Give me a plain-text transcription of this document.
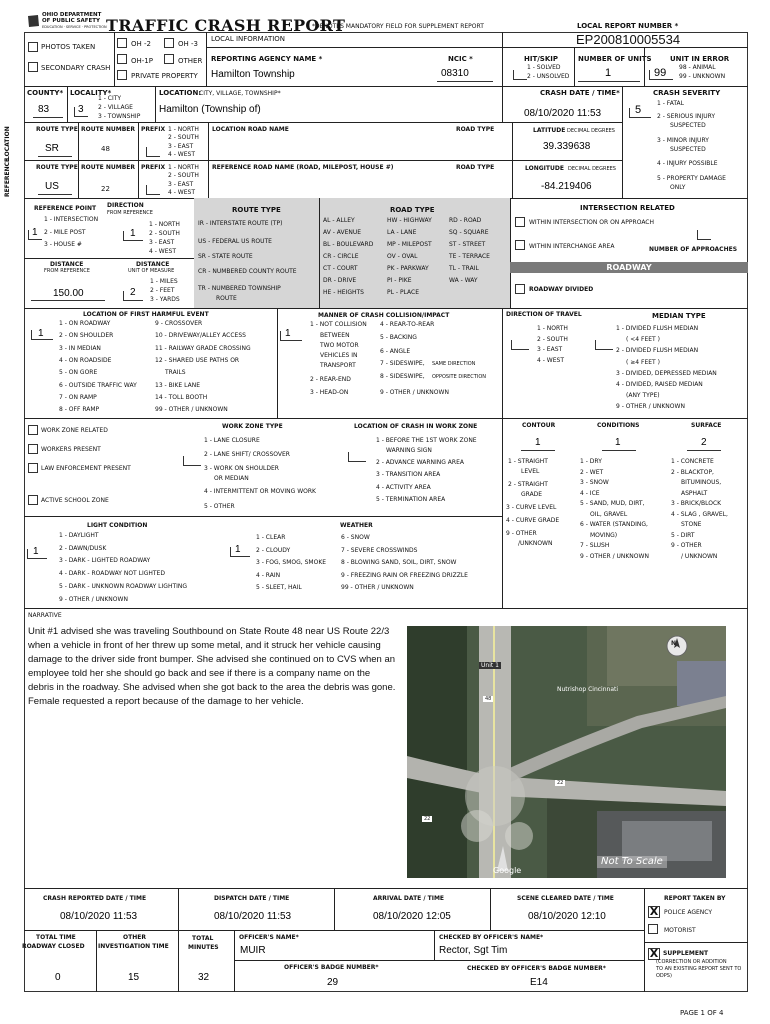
OHIO DEPARTMENT
OF PUBLIC SAFETY
EDUCATION · SERVICE · PROTECTION TRAFFIC CRASH REPORT
*DENOTES MANDATORY FIELD FOR SUPPLEMENT REPORT	LOCAL REPORT NUMBER *
EP200810005534
PHOTOS TAKEN
SECONDARY CRASH
OH -2	OH -3
OH-1P	OTHER
PRIVATE PROPERTY
LOCAL INFORMATION
REPORTING AGENCY NAME *
Hamilton Township
NCIC *
08310
HIT/SKIP
1 - SOLVED
2 - UNSOLVED
NUMBER OF UNITS
1
UNIT IN ERROR
99 98 - ANIMAL
99 - UNKNOWN
COUNTY*
83
LOCALITY*
3
1 - CITY
2 - VILLAGE
3 - TOWNSHIP
LOCATION:
CITY, VILLAGE, TOWNSHIP*
Hamilton (Township of)
CRASH DATE / TIME*
08/10/2020 11:53
CRASH SEVERITY
5
1 - FATAL
2 - SERIOUS INJURY
SUSPECTED
3 - MINOR INJURY
SUSPECTED
4 - INJURY POSSIBLE
5 - PROPERTY DAMAGE
ONLY
LOCATION
REFERENCE
ROUTE TYPE
SR
ROUTE NUMBER
48
PREFIX 1 - NORTH
2 - SOUTH
3 - EAST
4 - WEST
LOCATION ROAD NAME	ROAD TYPE	LATITUDE DECIMAL DEGREES
39.339638
ROUTE TYPE
US
ROUTE NUMBER
22
PREFIX 1 - NORTH
2 - SOUTH
3 - EAST
4 - WEST
REFERENCE ROAD NAME (ROAD, MILEPOST, HOUSE #)	ROAD TYPE	LONGITUDE DECIMAL DEGREES
-84.219406
REFERENCE POINT
1 - INTERSECTION
2 - MILE POST
3 - HOUSE #
1
DIRECTION
FROM REFERENCE
1 - NORTH
2 - SOUTH
3 - EAST
4 - WEST
1
DISTANCE
FROM REFERENCE
150.00
DISTANCE
UNIT OF MEASURE
1 - MILES
2 - FEET
3 - YARDS
2
ROUTE TYPE
IR - INTERSTATE ROUTE (TP)
US - FEDERAL US ROUTE
SR - STATE ROUTE
CR - NUMBERED COUNTY ROUTE
TR - NUMBERED TOWNSHIP
ROUTE
ROAD TYPE
AL - ALLEY	HW - HIGHWAY	RD - ROAD
AV - AVENUE	LA - LANE	SQ - SQUARE
BL - BOULEVARD MP - MILEPOST	ST - STREET
CR - CIRCLE	OV - OVAL	TE - TERRACE
CT - COURT	PK - PARKWAY	TL - TRAIL
DR - DRIVE	PI - PIKE	WA - WAY
HE - HEIGHTS	PL - PLACE
INTERSECTION RELATED
WITHIN INTERSECTION OR ON APPROACH
WITHIN INTERCHANGE AREA	NUMBER OF APPROACHES
ROADWAY
ROADWAY DIVIDED
LOCATION OF FIRST HARMFUL EVENT
1
1 - ON ROADWAY
2 - ON SHOULDER
3 - IN MEDIAN
4 - ON ROADSIDE
5 - ON GORE
6 - OUTSIDE TRAFFIC WAY
7 - ON RAMP
8 - OFF RAMP
9 - CROSSOVER
10 - DRIVEWAY/ALLEY ACCESS
11 - RAILWAY GRADE CROSSING
12 - SHARED USE PATHS OR
TRAILS
13 - BIKE LANE
14 - TOLL BOOTH
99 - OTHER / UNKNOWN
MANNER OF CRASH COLLISION/IMPACT
1
1 - NOT COLLISION
BETWEEN
TWO MOTOR
VEHICLES IN
TRANSPORT
2 - REAR-END
3 - HEAD-ON
4 - REAR-TO-REAR
5 - BACKING
6 - ANGLE
7 - SIDESWIPE, SAME DIRECTION
8 - SIDESWIPE, OPPOSITE DIRECTION
9 - OTHER / UNKNOWN
DIRECTION OF TRAVEL
1 - NORTH
2 - SOUTH
3 - EAST
4 - WEST
MEDIAN TYPE
1 - DIVIDED FLUSH MEDIAN
( <4 FEET )
2 - DIVIDED FLUSH MEDIAN
( ≥4 FEET )
3 - DIVIDED, DEPRESSED MEDIAN
4 - DIVIDED, RAISED MEDIAN
(ANY TYPE)
9 - OTHER / UNKNOWN
WORK ZONE RELATED
WORKERS PRESENT
LAW ENFORCEMENT PRESENT
ACTIVE SCHOOL ZONE
WORK ZONE TYPE
1 - LANE CLOSURE
2 - LANE SHIFT/ CROSSOVER
3 - WORK ON SHOULDER
OR MEDIAN
4 - INTERMITTENT OR MOVING WORK
5 - OTHER
LOCATION OF CRASH IN WORK ZONE
1 - BEFORE THE 1ST WORK ZONE
WARNING SIGN
2 - ADVANCE WARNING AREA
3 - TRANSITION AREA
4 - ACTIVITY AREA
5 - TERMINATION AREA
CONTOUR
1
1 - STRAIGHT
LEVEL
2 - STRAIGHT
GRADE
3 - CURVE LEVEL
4 - CURVE GRADE
9 - OTHER
/UNKNOWN
CONDITIONS
1
1 - DRY
2 - WET
3 - SNOW
4 - ICE
5 - SAND, MUD, DIRT,
OIL, GRAVEL
6 - WATER (STANDING,
MOVING)
7 - SLUSH
9 - OTHER / UNKNOWN
SURFACE
2
1 - CONCRETE
2 - BLACKTOP,
BITUMINOUS,
ASPHALT
3 - BRICK/BLOCK
4 - SLAG , GRAVEL,
STONE
5 - DIRT
9 - OTHER
/ UNKNOWN
LIGHT CONDITION
1
1 - DAYLIGHT
2 - DAWN/DUSK
3 - DARK - LIGHTED ROADWAY
4 - DARK - ROADWAY NOT LIGHTED
5 - DARK - UNKNOWN ROADWAY LIGHTING
9 - OTHER / UNKNOWN
WEATHER
1
1 - CLEAR
2 - CLOUDY
3 - FOG, SMOG, SMOKE
4 - RAIN
5 - SLEET, HAIL
6 - SNOW
7 - SEVERE CROSSWINDS
8 - BLOWING SAND, SOIL, DIRT, SNOW
9 - FREEZING RAIN OR FREEZING DRIZZLE
99 - OTHER / UNKNOWN
NARRATIVE
Unit #1 advised she was traveling Southbound on State Route 48 near US Route 22/3 when a vehicle in front of her threw up some metal, and it struck her vehicle causing damage to the driver side front bumper. She advised she continued on to CVS when an employee told her she should go back and see if there is a company name on the debris in the roadway. She advised when she got back to the area the debris was gone. Female requested a report because of the damage to her vehicle.
N
Unit 1
48
22
22
Nutrishop Cincinnati
Not To Scale
Google
CRASH REPORTED DATE / TIME
08/10/2020 11:53
DISPATCH DATE / TIME
08/10/2020 11:53
ARRIVAL DATE / TIME
08/10/2020 12:05
SCENE CLEARED DATE / TIME
08/10/2020 12:10
REPORT TAKEN BY
X POLICE AGENCY
MOTORIST
X SUPPLEMENT
(CORRECTION OR ADDITION
TO AN EXISTING REPORT SENT TO
ODPS)
TOTAL TIME
ROADWAY CLOSED
0
OTHER
INVESTIGATION TIME
15
TOTAL
MINUTES
32
OFFICER'S NAME*
MUIR
CHECKED BY OFFICER'S NAME*
Rector, Sgt Tim
OFFICER'S BADGE NUMBER*
29
CHECKED BY OFFICER'S BADGE NUMBER*
E14
PAGE 1 OF 4
